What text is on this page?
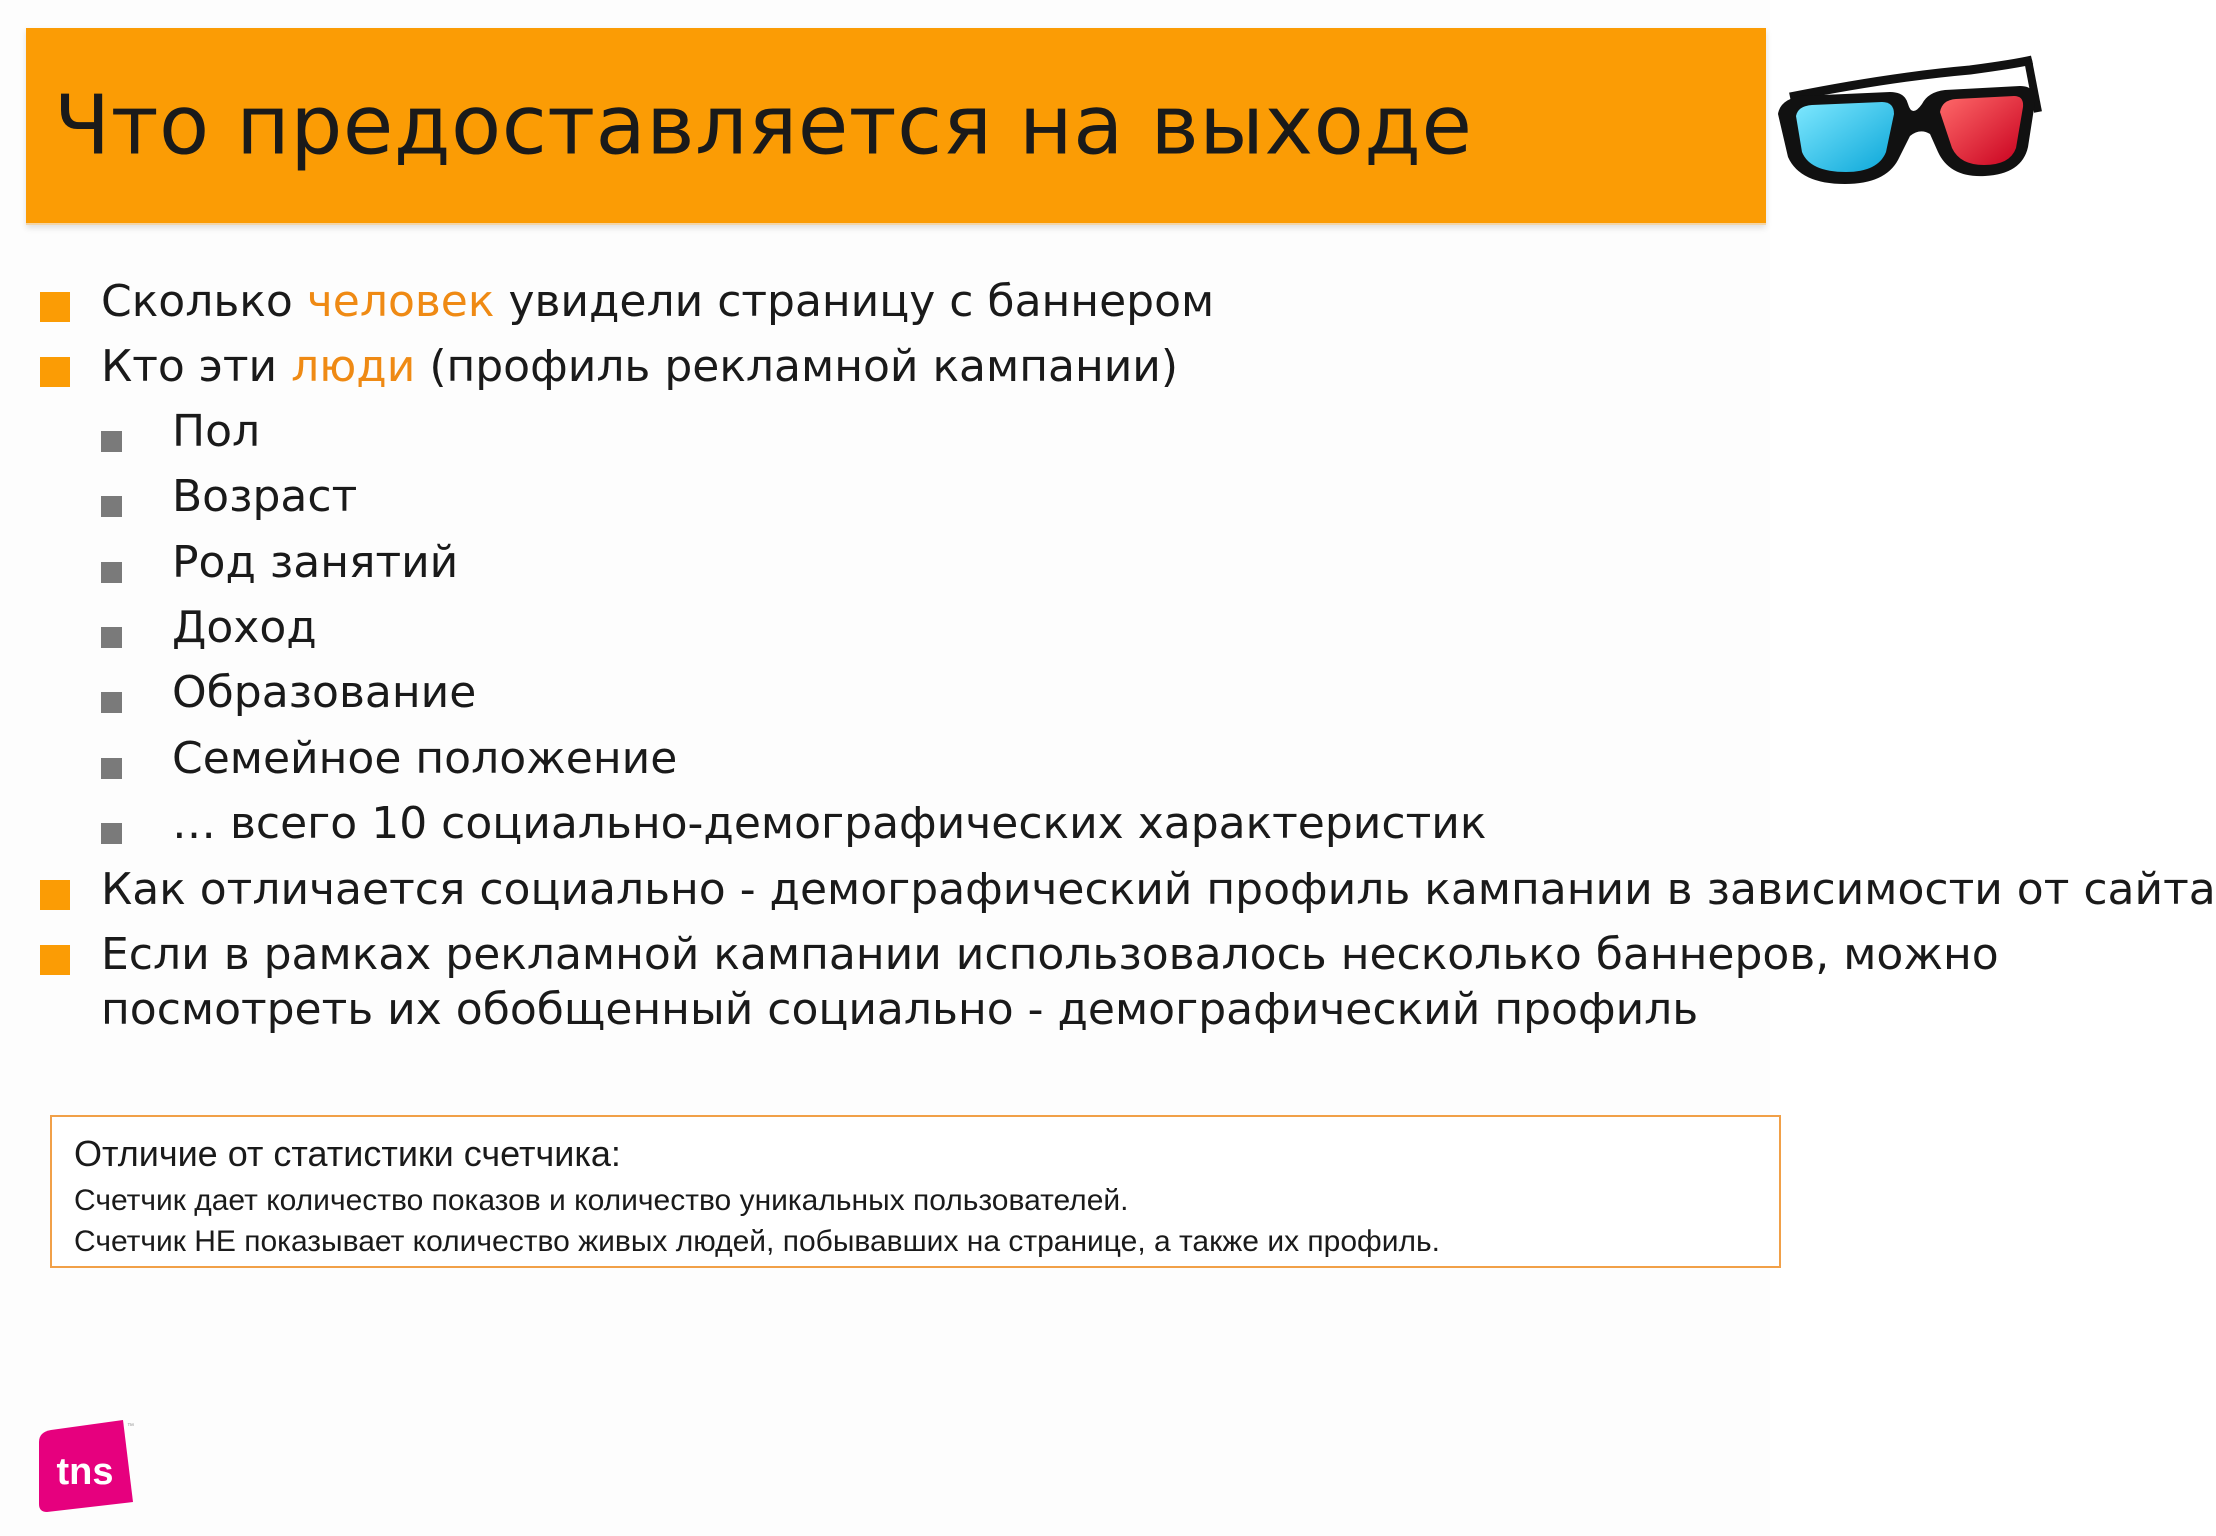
Что предоставляется на выходе
Сколько человек увидели страницу с баннером
Кто эти люди (профиль рекламной кампании)
Пол
Возраст
Род занятий
Доход
Образование
Семейное положение
… всего 10 социально-демографических характеристик
Как отличается социально - демографический профиль кампании в зависимости от сайта
Если в рамках рекламной кампании использовалось несколько баннеров, можно
посмотреть их обобщенный социально - демографический профиль
Отличие от статистики счетчика:
Счетчик дает количество показов и количество уникальных пользователей.
Счетчик НЕ показывает количество живых людей, побывавших на странице, а также их профиль.
tns
™
